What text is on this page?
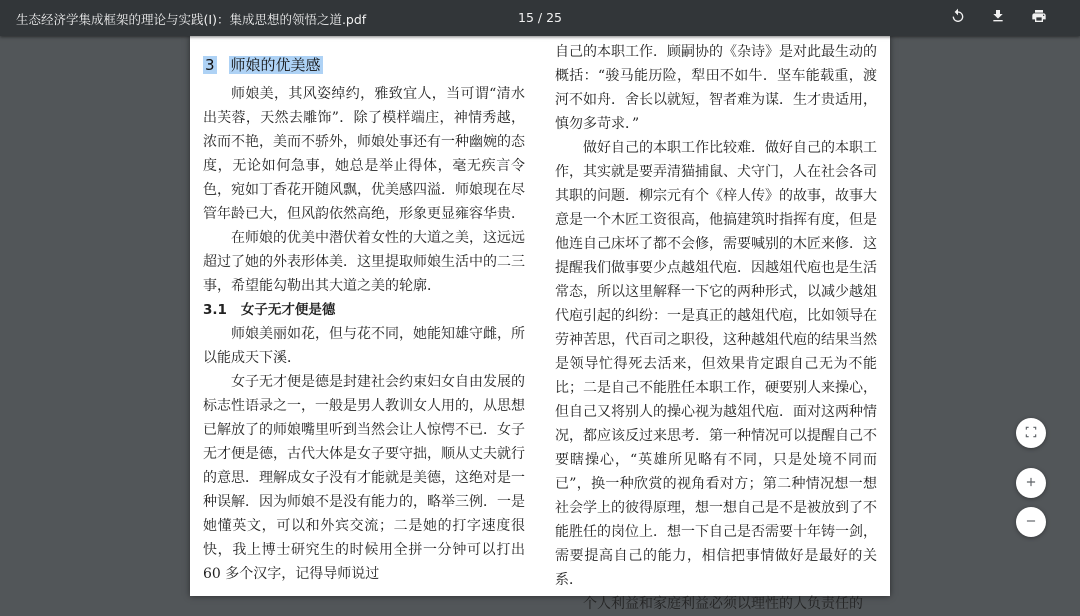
生态经济学集成框架的理论与实践(Ⅰ)：集成思想的领悟之道.pdf	15 / 25
3 师娘的优美感

师娘美，其风姿绰约，雅致宜人，当可谓“清水出芙蓉，天然去雕饰”．除了模样端庄，神情秀越，浓而不艳，美而不骄外，师娘处事还有一种幽婉的态度，无论如何急事，她总是举止得体，毫无疾言令色，宛如丁香花开随风飘，优美感四溢．师娘现在尽管年龄已大，但风韵依然高绝，形象更显雍容华贵．

在师娘的优美中潜伏着女性的大道之美，这远远超过了她的外表形体美．这里提取师娘生活中的二三事，希望能勾勒出其大道之美的轮廓．

3.1 女子无才便是德

师娘美丽如花，但与花不同，她能知雄守雌，所以能成天下溪．

女子无才便是德是封建社会约束妇女自由发展的标志性语录之一，一般是男人教训女人用的，从思想已解放了的师娘嘴里听到当然会让人惊愕不已．女子无才便是德，古代大体是女子要守拙，顺从丈夫就行的意思．理解成女子没有才能就是美德，这绝对是一种误解．因为师娘不是没有能力的，略举三例．一是她懂英文，可以和外宾交流；二是她的打字速度很快，我上博士研究生的时候用全拼一分钟可以打出 60 多个汉字，记得导师说过

自己的本职工作．顾嗣协的《杂诗》是对此最生动的概括：“骏马能历险，犁田不如牛．坚车能载重，渡河不如舟．舍长以就短，智者难为谋．生才贵适用，慎勿多苛求．”

做好自己的本职工作比较难．做好自己的本职工作，其实就是要弄清猫捕鼠、犬守门，人在社会各司其职的问题．柳宗元有个《梓人传》的故事，故事大意是一个木匠工资很高，他搞建筑时指挥有度，但是他连自己床坏了都不会修，需要喊别的木匠来修．这提醒我们做事要少点越俎代庖．因越俎代庖也是生活常态，所以这里解释一下它的两种形式，以减少越俎代庖引起的纠纷：一是真正的越俎代庖，比如领导在劳神苦思，代百司之职役，这种越俎代庖的结果当然是领导忙得死去活来，但效果肯定跟自己无为不能比；二是自己不能胜任本职工作，硬要别人来操心，但自己又将别人的操心视为越俎代庖．面对这两种情况，都应该反过来思考．第一种情况可以提醒自己不要瞎操心，“英雄所见略有不同，只是处境不同而已”，换一种欣赏的视角看对方；第二种情况想一想社会学上的彼得原理，想一想自己是不是被放到了不能胜任的岗位上．想一下自己是否需要十年铸一剑，需要提高自己的能力，相信把事情做好是最好的关系．

个人利益和家庭利益必须以理性的人负责任的
